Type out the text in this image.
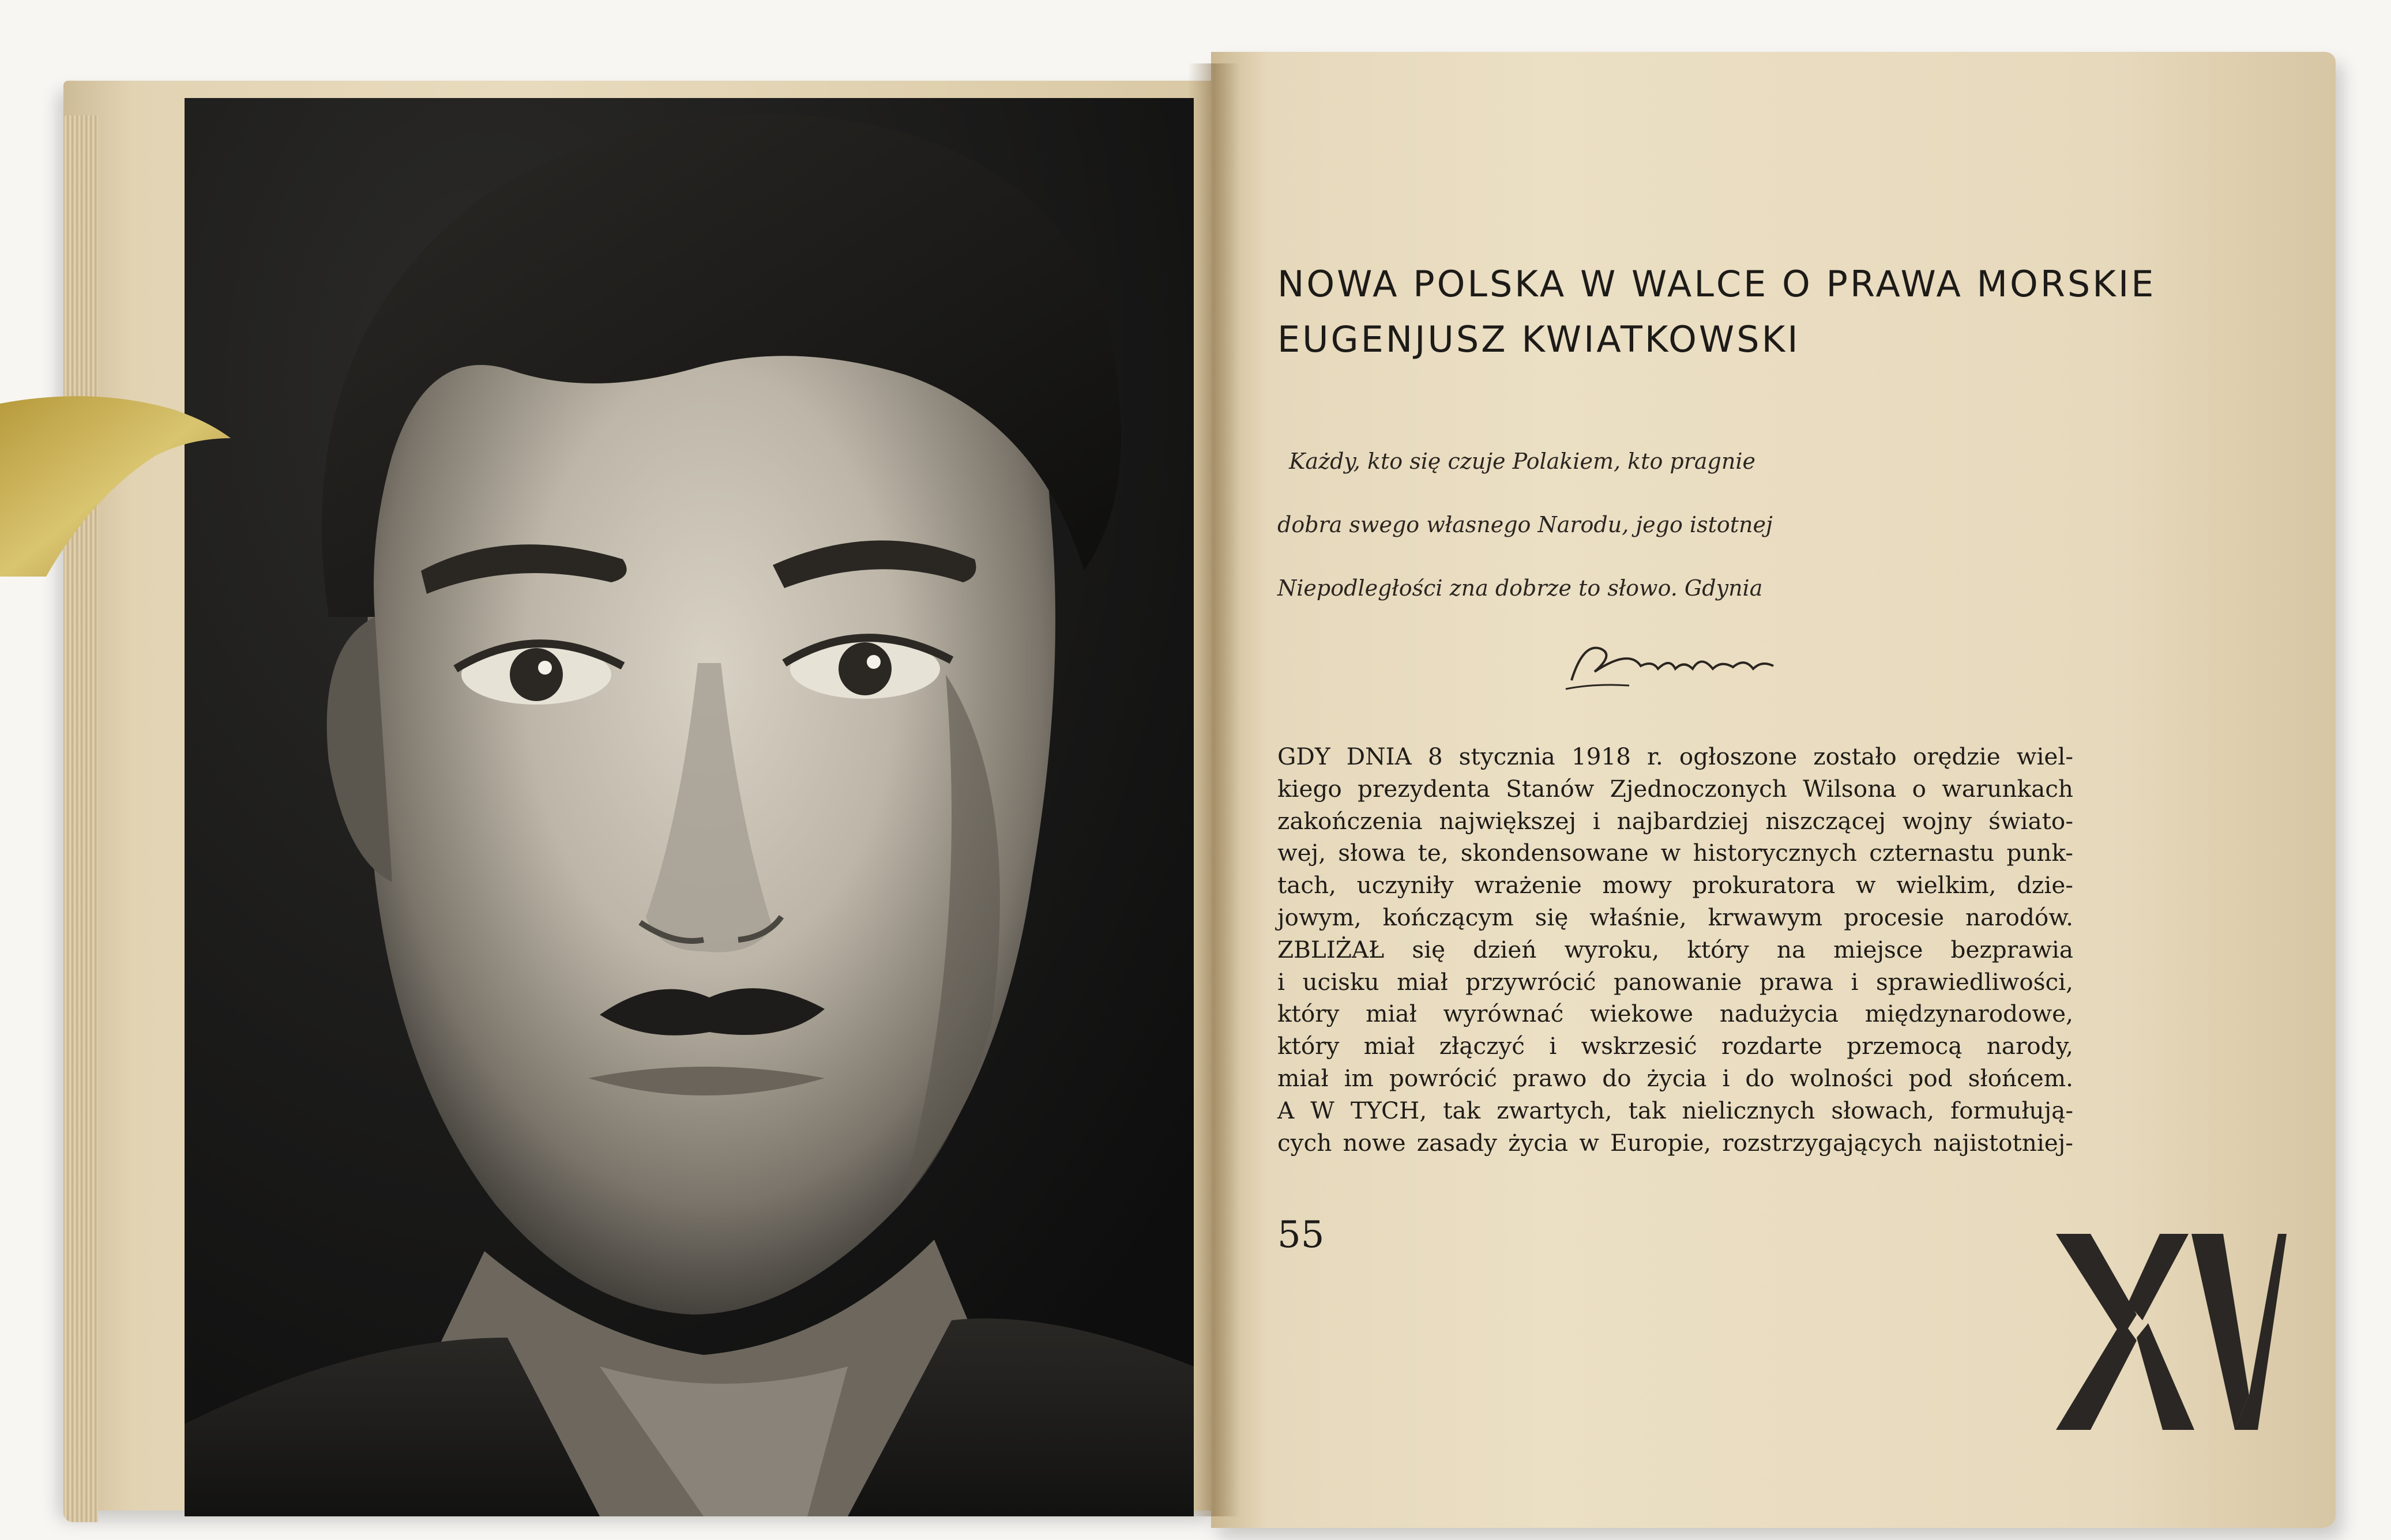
NOWA POLSKA W WALCE O PRAWA MORSKIE
EUGENJUSZ KWIATKOWSKI
Każdy, kto się czuje Polakiem, kto pragnie
dobra swego własnego Narodu, jego istotnej
Niepodległości zna dobrze to słowo. Gdynia
GDY DNIA 8 stycznia 1918 r. ogłoszone zostało orędzie wiel-
kiego prezydenta Stanów Zjednoczonych Wilsona o warunkach
zakończenia największej i najbardziej niszczącej wojny świato-
wej, słowa te, skondensowane w historycznych czternastu punk-
tach, uczyniły wrażenie mowy prokuratora w wielkim, dzie-
jowym, kończącym się właśnie, krwawym procesie narodów.
ZBLIŻAŁ się dzień wyroku, który na miejsce bezprawia
i ucisku miał przywrócić panowanie prawa i sprawiedliwości,
który miał wyrównać wiekowe nadużycia międzynarodowe,
który miał złączyć i wskrzesić rozdarte przemocą narody,
miał im powrócić prawo do życia i do wolności pod słońcem.
A W TYCH, tak zwartych, tak nielicznych słowach, formułują-
cych nowe zasady życia w Europie, rozstrzygających najistotniej-
55
XV
